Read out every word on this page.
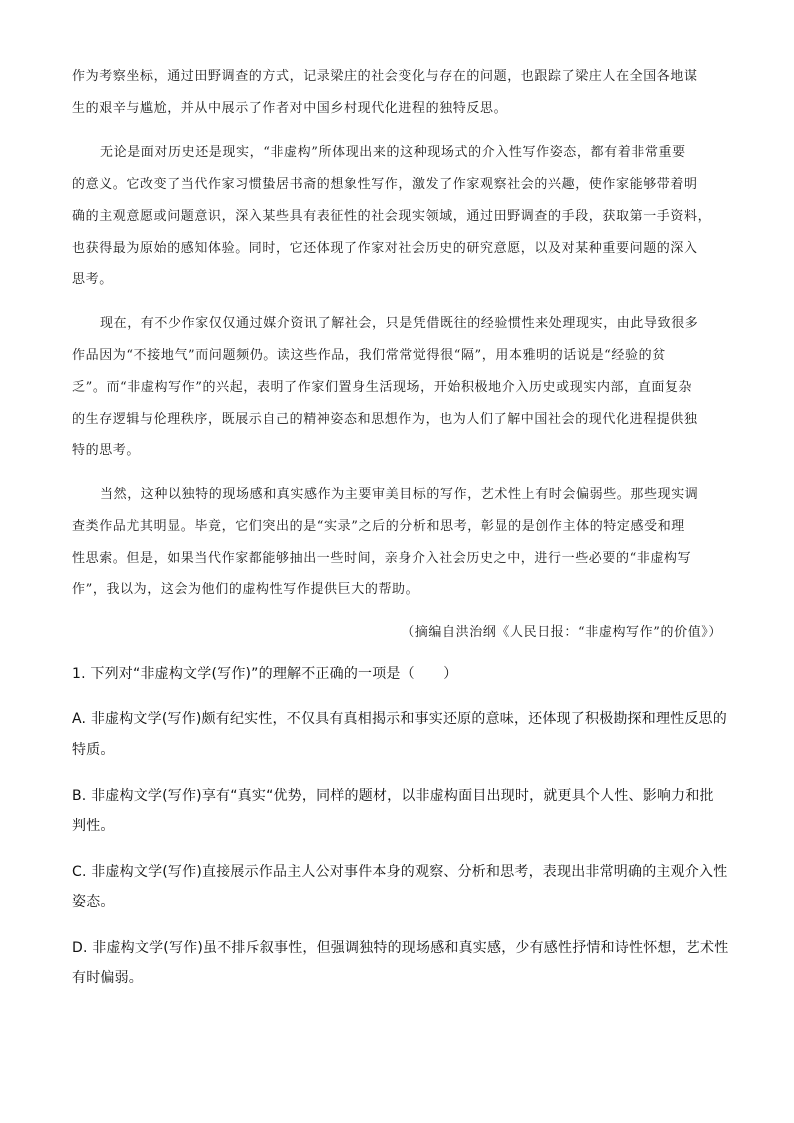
作为考察坐标，通过田野调查的方式，记录梁庄的社会变化与存在的问题，也跟踪了梁庄人在全国各地谋
生的艰辛与尴尬，并从中展示了作者对中国乡村现代化进程的独特反思。
无论是面对历史还是现实，“非虚构”所体现出来的这种现场式的介入性写作姿态，都有着非常重要
的意义。它改变了当代作家习惯蛰居书斋的想象性写作，激发了作家观察社会的兴趣，使作家能够带着明
确的主观意愿或问题意识，深入某些具有表征性的社会现实领域，通过田野调查的手段，获取第一手资料，
也获得最为原始的感知体验。同时，它还体现了作家对社会历史的研究意愿，以及对某种重要问题的深入
思考。
现在，有不少作家仅仅通过媒介资讯了解社会，只是凭借既往的经验惯性来处理现实，由此导致很多
作品因为“不接地气”而问题频仍。读这些作品，我们常常觉得很“隔”，用本雅明的话说是“经验的贫
乏”。而“非虚构写作”的兴起，表明了作家们置身生活现场，开始积极地介入历史或现实内部，直面复杂
的生存逻辑与伦理秩序，既展示自己的精神姿态和思想作为，也为人们了解中国社会的现代化进程提供独
特的思考。
当然，这种以独特的现场感和真实感作为主要审美目标的写作，艺术性上有时会偏弱些。那些现实调
查类作品尤其明显。毕竟，它们突出的是“实录”之后的分析和思考，彰显的是创作主体的特定感受和理
性思索。但是，如果当代作家都能够抽出一些时间，亲身介入社会历史之中，进行一些必要的“非虚构写
作”，我以为，这会为他们的虚构性写作提供巨大的帮助。
（摘编自洪治纲《人民日报：“非虚构写作”的价值》）
1. 下列对“非虚构文学(写作)”的理解不正确的一项是（　　）
A. 非虚构文学(写作)颇有纪实性，不仅具有真相揭示和事实还原的意味，还体现了积极勘探和理性反思的
特质。
B. 非虚构文学(写作)享有“真实“优势，同样的题材，以非虚构面目出现时，就更具个人性、影响力和批
判性。
C. 非虚构文学(写作)直接展示作品主人公对事件本身的观察、分析和思考，表现出非常明确的主观介入性
姿态。
D. 非虚构文学(写作)虽不排斥叙事性，但强调独特的现场感和真实感，少有感性抒情和诗性怀想，艺术性
有时偏弱。
